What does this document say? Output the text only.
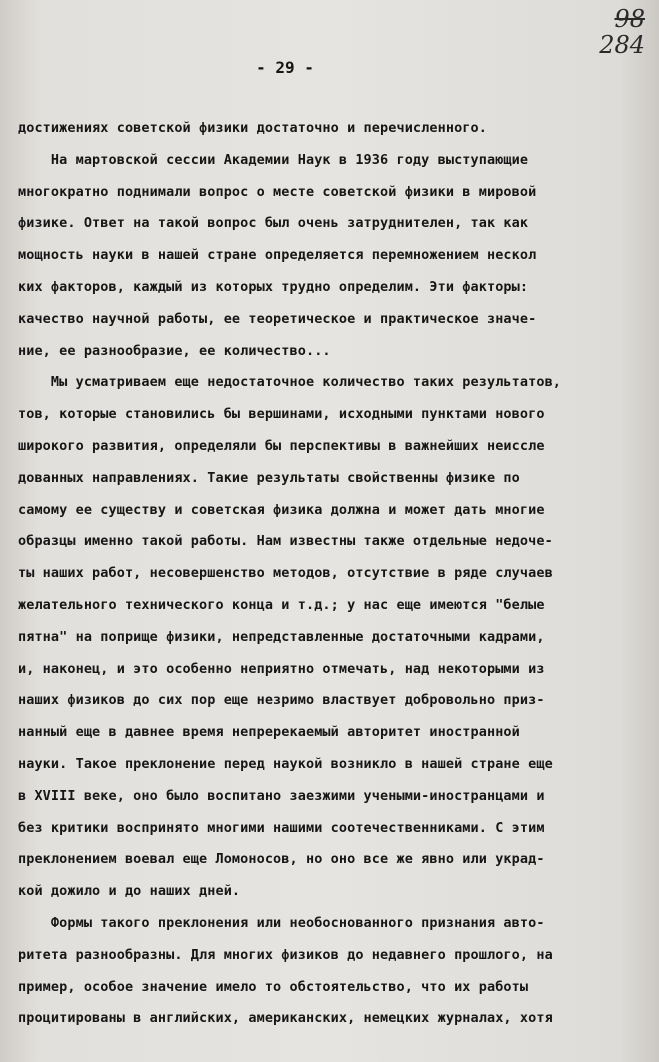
98
284
- 29 -
достижениях советской физики достаточно и перечисленного.
На мартовской сессии Академии Наук в 1936 году выступающие
многократно поднимали вопрос о месте советской физики в мировой
физике. Ответ на такой вопрос был очень затруднителен, так как
мощность науки в нашей стране определяется перемножением нескол
ких факторов, каждый из которых трудно определим. Эти факторы:
качество научной работы, ее теоретическое и практическое значе-
ние, ее разнообразие, ее количество...
Мы усматриваем еще недостаточное количество таких результатов,
тов, которые становились бы вершинами, исходными пунктами нового
широкого развития, определяли бы перспективы в важнейших неиссле
дованных направлениях. Такие результаты свойственны физике по
самому ее существу и советская физика должна и может дать многие
образцы именно такой работы. Нам известны также отдельные недоче-
ты наших работ, несовершенство методов, отсутствие в ряде случаев
желательного технического конца и т.д.; у нас еще имеются "белые
пятна" на поприще физики, непредставленные достаточными кадрами,
и, наконец, и это особенно неприятно отмечать, над некоторыми из
наших физиков до сих пор еще незримо властвует добровольно приз-
нанный еще в давнее время непререкаемый авторитет иностранной
науки. Такое преклонение перед наукой возникло в нашей стране еще
в ХVIII веке, оно было воспитано заезжими учеными-иностранцами и
без критики воспринято многими нашими соотечественниками. С этим
преклонением воевал еще Ломоносов, но оно все же явно или украд-
кой дожило и до наших дней.
Формы такого преклонения или необоснованного признания авто-
ритета разнообразны. Для многих физиков до недавнего прошлого, на
пример, особое значение имело то обстоятельство, что их работы
процитированы в английских, американских, немецких журналах, хотя
